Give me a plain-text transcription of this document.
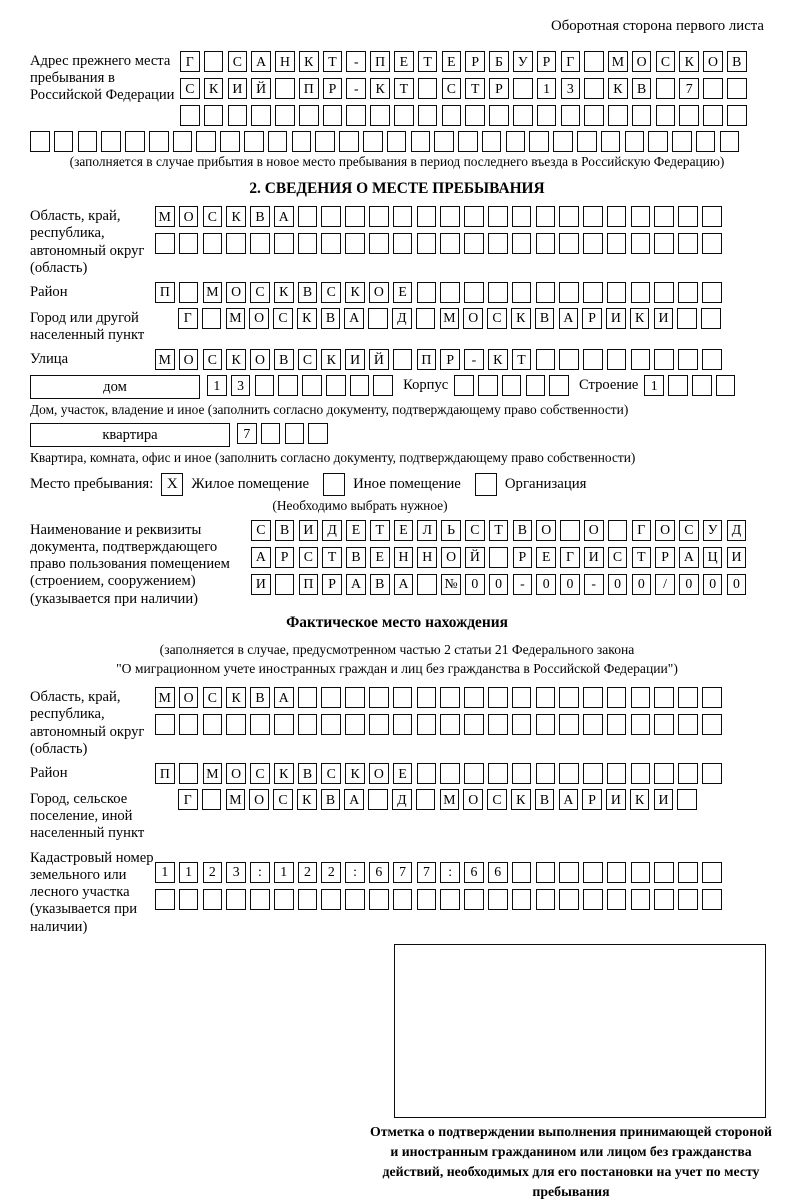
Оборотная сторона первого листа
Адрес прежнего места пребывания в Российской Федерации
Г	С	А	Н	К	Т	-	П	Е	Т	Е	Р	Б	У	Р	Г	М О	С	К	О	В
С	К	И	Й	П	Р	-	К	Т	С	Т	Р	1	3	К	В	7
(заполняется в случае прибытия в новое место пребывания в период последнего въезда в Российскую Федерацию)
2. СВЕДЕНИЯ О МЕСТЕ ПРЕБЫВАНИЯ
Область, край, республика, автономный округ (область)
М О	С	К	В	А
Район	П	М О	С	К	В	С	К	О	Е
Город или другой населенный пункт
Г	М О	С	К	В	А	Д	М О	С	К	В	А	Р	И	К	И
Улица	М О	С	К	О	В	С	К	И	Й	П	Р	-	К	Т
дом	1	3	Корпус	Строение 1
Дом, участок, владение и иное (заполнить согласно документу, подтверждающему право собственности)
квартира	7
Квартира, комната, офис и иное (заполнить согласно документу, подтверждающему право собственности)
Место пребывания: X Жилое помещение	Иное помещение	Организация
(Необходимо выбрать нужное)
Наименование и реквизиты документа, подтверждающего право пользования помещением (строением, сооружением) (указывается при наличии)
С	В	И	Д	Е	Т	Е	Л	Ь	С	Т	В	О	О	Г	О	С	У	Д
А	Р	С	Т	В	Е	Н	Н	О	Й	Р	Е	Г	И	С	Т	Р	А	Ц	И
И	П	Р	А	В	А	№ 0	0	-	0	0	-	0	0	/	0	0	0
Фактическое место нахождения
(заполняется в случае, предусмотренном частью 2 статьи 21 Федерального закона
"О миграционном учете иностранных граждан и лиц без гражданства в Российской Федерации")
Область, край, республика, автономный округ (область)
М О	С	К	В	А
Район	П	М О	С	К	В	С	К	О	Е
Город, сельское поселение, иной населенный пункт
Г	М О	С	К	В	А	Д	М О	С	К	В	А	Р	И	К	И
Кадастровый номер земельного или лесного участка (указывается при наличии)
1	1	2	3	:	1	2	2	:	6	7	7	:	6	6
Отметка о подтверждении выполнения принимающей стороной и иностранным гражданином или лицом без гражданства действий, необходимых для его постановки на учет по месту пребывания
